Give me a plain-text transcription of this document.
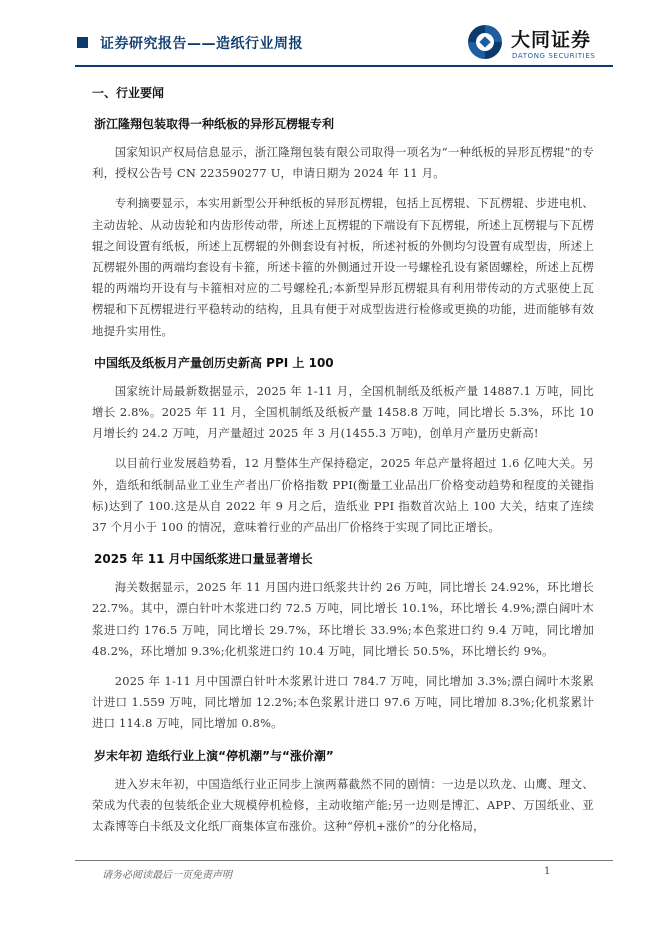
证券研究报告——造纸行业周报	大同证券
DATONG SECURITIES
一、行业要闻
浙江隆翔包装取得一种纸板的异形瓦楞辊专利

国家知识产权局信息显示，浙江隆翔包装有限公司取得一项名为“一种纸板的异形瓦楞辊”的专利，授权公告号 CN 223590277 U，申请日期为 2024 年 11 月。

专利摘要显示，本实用新型公开种纸板的异形瓦楞辊，包括上瓦楞辊、下瓦楞辊、步进电机、主动齿轮、从动齿轮和内齿形传动带，所述上瓦楞辊的下端设有下瓦楞辊，所述上瓦楞辊与下瓦楞辊之间设置有纸板，所述上瓦楞辊的外侧套设有衬板，所述衬板的外侧均匀设置有成型齿，所述上瓦楞辊外围的两端均套设有卡箍，所述卡箍的外侧通过开设一号螺栓孔设有紧固螺栓，所述上瓦楞辊的两端均开设有与卡箍相对应的二号螺栓孔;本新型异形瓦楞辊具有利用带传动的方式驱使上瓦楞辊和下瓦楞辊进行平稳转动的结构，且具有便于对成型齿进行检修或更换的功能，进而能够有效地提升实用性。

中国纸及纸板月产量创历史新高 PPI 上 100

国家统计局最新数据显示，2025 年 1-11 月，全国机制纸及纸板产量 14887.1 万吨，同比增长 2.8%。2025 年 11 月，全国机制纸及纸板产量 1458.8 万吨，同比增长 5.3%，环比 10 月增长约 24.2 万吨，月产量超过 2025 年 3 月(1455.3 万吨)，创单月产量历史新高!

以目前行业发展趋势看，12 月整体生产保持稳定，2025 年总产量将超过 1.6 亿吨大关。另外，造纸和纸制品业工业生产者出厂价格指数 PPI(衡量工业品出厂价格变动趋势和程度的关键指标)达到了 100.这是从自 2022 年 9 月之后，造纸业 PPI 指数首次站上 100 大关，结束了连续 37 个月小于 100 的情况，意味着行业的产品出厂价格终于实现了同比正增长。

2025 年 11 月中国纸浆进口量显著增长

海关数据显示，2025 年 11 月国内进口纸浆共计约 26 万吨，同比增长 24.92%，环比增长 22.7%。其中，漂白针叶木浆进口约 72.5 万吨，同比增长 10.1%，环比增长 4.9%;漂白阔叶木浆进口约 176.5 万吨，同比增长 29.7%，环比增长 33.9%;本色浆进口约 9.4 万吨，同比增加 48.2%，环比增加 9.3%;化机浆进口约 10.4 万吨，同比增长 50.5%，环比增长约 9%。

2025 年 1-11 月中国漂白针叶木浆累计进口 784.7 万吨，同比增加 3.3%;漂白阔叶木浆累计进口 1.559 万吨，同比增加 12.2%;本色浆累计进口 97.6 万吨，同比增加 8.3%;化机浆累计进口 114.8 万吨，同比增加 0.8%。

岁末年初 造纸行业上演“停机潮”与“涨价潮”

进入岁末年初，中国造纸行业正同步上演两幕截然不同的剧情：一边是以玖龙、山鹰、理文、荣成为代表的包装纸企业大规模停机检修，主动收缩产能;另一边则是博汇、APP、万国纸业、亚太森博等白卡纸及文化纸厂商集体宣布涨价。这种“停机+涨价”的分化格局，

请务必阅读最后一页免责声明	1
